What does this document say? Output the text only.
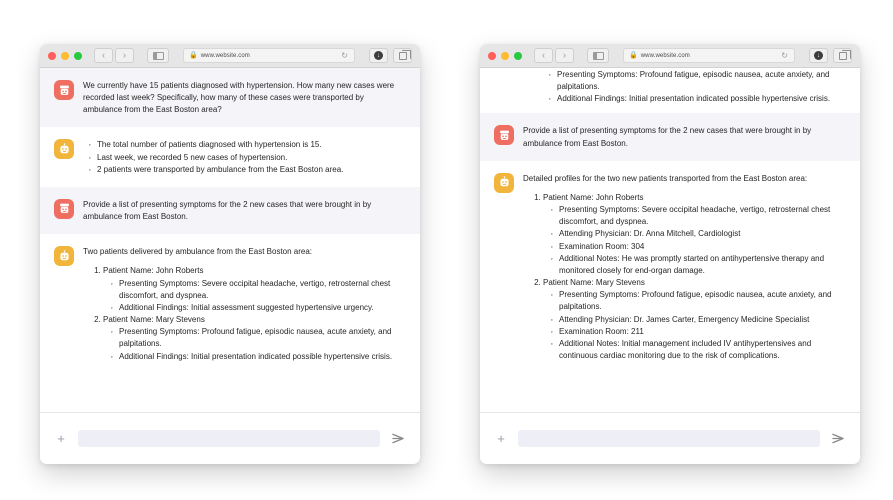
‹	›	🔒 www.website.com	↻	↓

We currently have 15 patients diagnosed with hypertension. How many new cases were recorded last week? Specifically, how many of these cases were transported by ambulance from the East Boston area?

· The total number of patients diagnosed with hypertension is 15.
· Last week, we recorded 5 new cases of hypertension.
· 2 patients were transported by ambulance from the East Boston area.

Provide a list of presenting symptoms for the 2 new cases that were brought in by ambulance from East Boston.

Two patients delivered by ambulance from the East Boston area:

1. Patient Name: John Roberts
· Presenting Symptoms: Severe occipital headache, vertigo, retrosternal chest discomfort, and dyspnea.
· Additional Findings: Initial assessment suggested hypertensive urgency.
2. Patient Name: Mary Stevens
· Presenting Symptoms: Profound fatigue, episodic nausea, acute anxiety, and palpitations.
· Additional Findings: Initial presentation indicated possible hypertensive crisis.
+
‹	›	🔒 www.website.com	↻	↓
· Presenting Symptoms: Profound fatigue, episodic nausea, acute anxiety, and palpitations.
· Additional Findings: Initial presentation indicated possible hypertensive crisis.

Provide a list of presenting symptoms for the 2 new cases that were brought in by ambulance from East Boston.

Detailed profiles for the two new patients transported from the East Boston area:

1. Patient Name: John Roberts
· Presenting Symptoms: Severe occipital headache, vertigo, retrosternal chest discomfort, and dyspnea.
· Attending Physician: Dr. Anna Mitchell, Cardiologist
· Examination Room: 304
· Additional Notes: He was promptly started on antihypertensive therapy and monitored closely for end-organ damage.
2. Patient Name: Mary Stevens
· Presenting Symptoms: Profound fatigue, episodic nausea, acute anxiety, and palpitations.
· Attending Physician: Dr. James Carter, Emergency Medicine Specialist
· Examination Room: 211
· Additional Notes: Initial management included IV antihypertensives and continuous cardiac monitoring due to the risk of complications.
+
